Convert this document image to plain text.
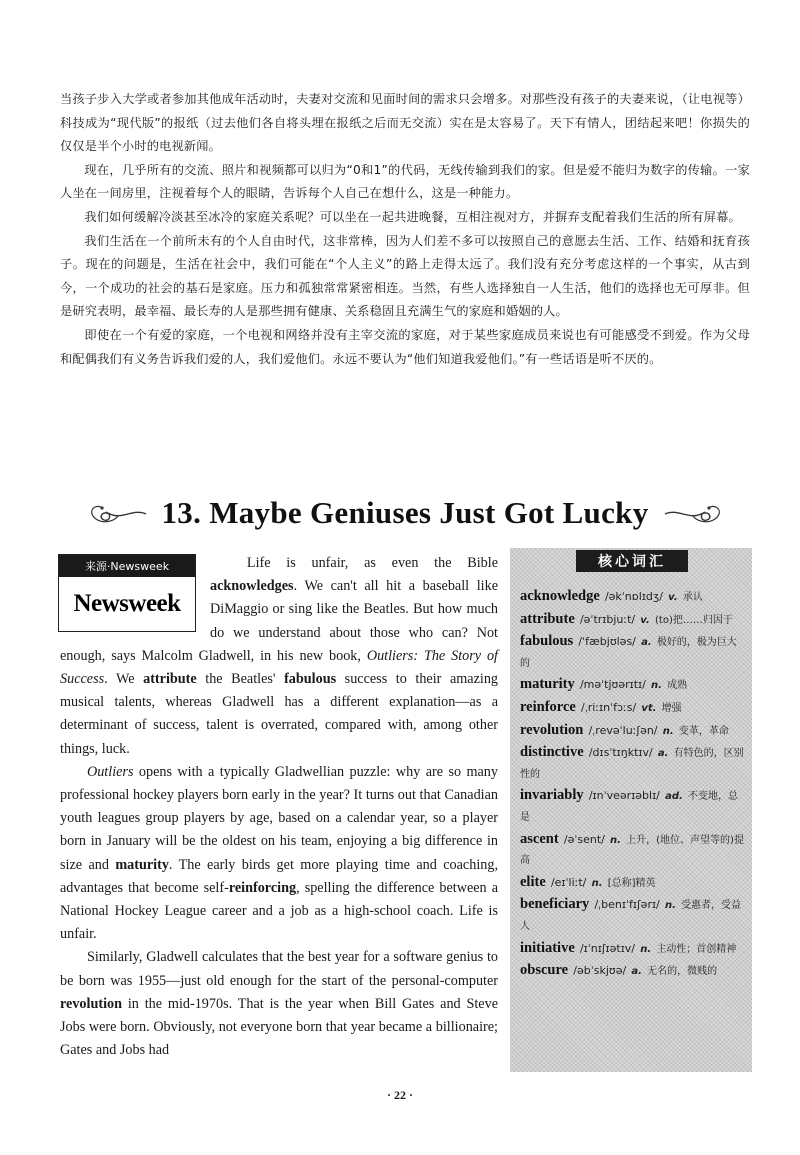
当孩子步入大学或者参加其他成年活动时，夫妻对交流和见面时间的需求只会增多。对那些没有孩子的夫妻来说，（让电视等）科技成为“现代版”的报纸（过去他们各自将头埋在报纸之后而无交流）实在是太容易了。天下有情人，团结起来吧！你损失的仅仅是半个小时的电视新闻。

现在，几乎所有的交流、照片和视频都可以归为“0和1”的代码，无线传输到我们的家。但是爱不能归为数字的传输。一家人坐在一间房里，注视着每个人的眼睛，告诉每个人自己在想什么，这是一种能力。

我们如何缓解冷淡甚至冰冷的家庭关系呢？可以坐在一起共进晚餐，互相注视对方，并摒弃支配着我们生活的所有屏幕。

我们生活在一个前所未有的个人自由时代，这非常棒，因为人们差不多可以按照自己的意愿去生活、工作、结婚和抚育孩子。现在的问题是，生活在社会中，我们可能在“个人主义”的路上走得太远了。我们没有充分考虑这样的一个事实，从古到今，一个成功的社会的基石是家庭。压力和孤独常常紧密相连。当然，有些人选择独自一人生活，他们的选择也无可厚非。但是研究表明，最幸福、最长寿的人是那些拥有健康、关系稳固且充满生气的家庭和婚姻的人。

即使在一个有爱的家庭，一个电视和网络并没有主宰交流的家庭，对于某些家庭成员来说也有可能感受不到爱。作为父母和配偶我们有义务告诉我们爱的人，我们爱他们。永远不要认为“他们知道我爱他们。”有一些话语是听不厌的。

13. Maybe Geniuses Just Got Lucky
来源·Newsweek
Newsweek

Life is unfair, as even the Bible acknowledges. We can't all hit a baseball like DiMaggio or sing like the Beatles. But how much do we understand about those who can? Not enough, says Malcolm Gladwell, in his new book, Outliers: The Story of Success. We attribute the Beatles' fabulous success to their amazing musical talents, whereas Gladwell has a different explanation—as a determinant of success, talent is overrated, compared with, among other things, luck.

Outliers opens with a typically Gladwellian puzzle: why are so many professional hockey players born early in the year? It turns out that Canadian youth leagues group players by age, based on a calendar year, so a player born in January will be the oldest on his team, enjoying a big difference in size and maturity. The early birds get more playing time and coaching, advantages that become self-reinforcing, spelling the difference between a National Hockey League career and a job as a high-school coach. Life is unfair.

Similarly, Gladwell calculates that the best year for a software genius to be born was 1955—just old enough for the start of the personal-computer revolution in the mid-1970s. That is the year when Bill Gates and Steve Jobs were born. Obviously, not everyone born that year became a billionaire; Gates and Jobs had

核心词汇
acknowledge /əkˈnɒlɪdʒ/ v. 承认
attribute /əˈtrɪbjuːt/ v. (to)把……归因于
fabulous /ˈfæbjʊləs/ a. 极好的，极为巨大的
maturity /məˈtjʊərɪtɪ/ n. 成熟
reinforce /ˌriːɪnˈfɔːs/ vt. 增强
revolution /ˌrevəˈluːʃən/ n. 变革，革命
distinctive /dɪsˈtɪŋktɪv/ a. 有特色的，区别性的
invariably /ɪnˈveərɪəblɪ/ ad. 不变地，总是
ascent /əˈsent/ n. 上升，(地位、声望等的)提高
elite /eɪˈliːt/ n. [总称]精英
beneficiary /ˌbenɪˈfɪʃərɪ/ n. 受惠者，受益人
initiative /ɪˈnɪʃɪətɪv/ n. 主动性；首创精神
obscure /əbˈskjʊə/ a. 无名的，微贱的
· 22 ·
